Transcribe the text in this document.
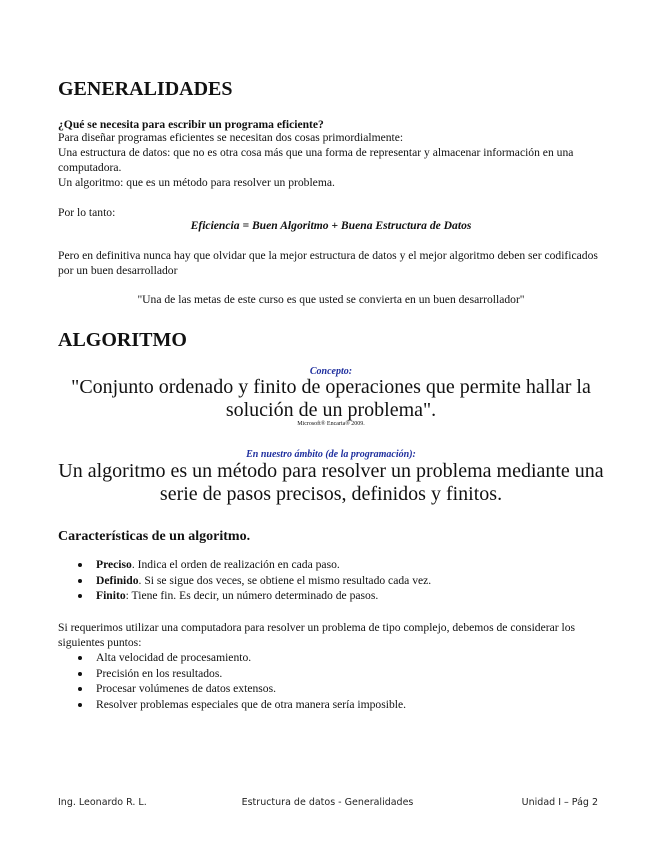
GENERALIDADES
¿Qué se necesita para escribir un programa eficiente?
Para diseñar programas eficientes se necesitan dos cosas primordialmente:
Una estructura de datos: que no es otra cosa más que una forma de representar y almacenar información en una computadora.
Un algoritmo: que es un método para resolver un problema.
Por lo tanto:
Eficiencia = Buen Algoritmo + Buena Estructura de Datos
Pero en definitiva nunca hay que olvidar que la mejor estructura de datos y el mejor algoritmo deben ser codificados por un buen desarrollador
"Una de las metas de este curso es que usted se convierta en un buen desarrollador"
ALGORITMO
Concepto:
"Conjunto ordenado y finito de operaciones que permite hallar la solución de un problema".
Microsoft® Encarta® 2009.
En nuestro ámbito (de la programación):
Un algoritmo es un método para resolver un problema mediante una serie de pasos precisos, definidos y finitos.
Características de un algoritmo.
Preciso. Indica el orden de realización en cada paso.
Definido. Si se sigue dos veces, se obtiene el mismo resultado cada vez.
Finito: Tiene fin. Es decir, un número determinado de pasos.
Si requerimos utilizar una computadora para resolver un problema de tipo complejo, debemos de considerar los siguientes puntos:
Alta velocidad de procesamiento.
Precisión en los resultados.
Procesar volúmenes de datos extensos.
Resolver problemas especiales que de otra manera sería imposible.
Ing. Leonardo R. L.	Estructura de datos - Generalidades	Unidad I – Pág 2
